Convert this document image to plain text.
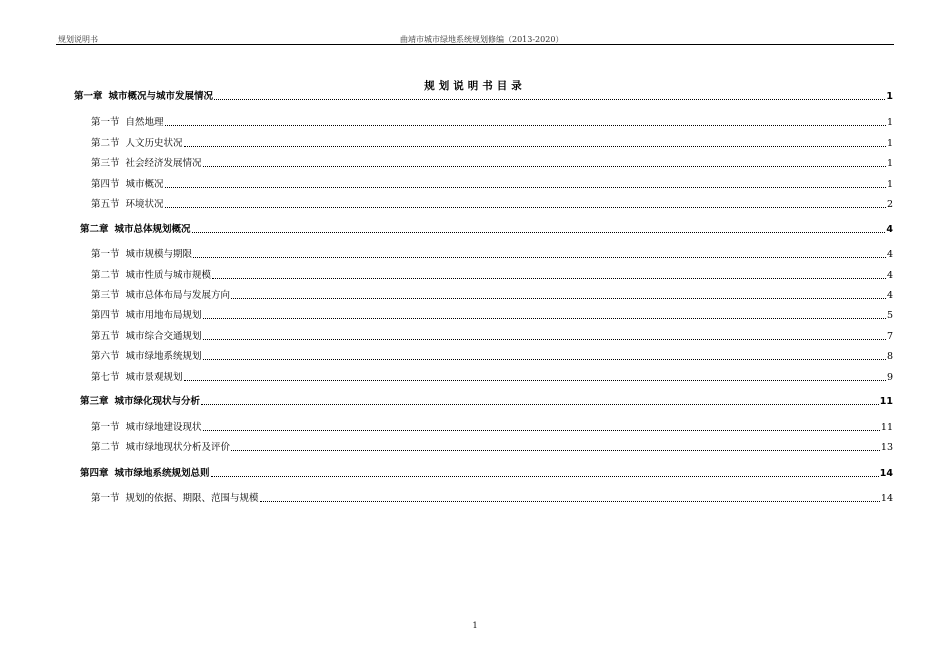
规划说明书	曲靖市城市绿地系统规划修编（2013-2020）
规划说明书目录
第一章 城市概况与城市发展情况	1
第一节 自然地理	1
第二节 人文历史状况	1
第三节 社会经济发展情况	1
第四节 城市概况	1
第五节 环境状况	2
第二章 城市总体规划概况	4
第一节 城市规模与期限	4
第二节 城市性质与城市规模	4
第三节 城市总体布局与发展方向	4
第四节 城市用地布局规划	5
第五节 城市综合交通规划	7
第六节 城市绿地系统规划	8
第七节 城市景观规划	9
第三章 城市绿化现状与分析	11
第一节 城市绿地建设现状	11
第二节 城市绿地现状分析及评价	13
第四章 城市绿地系统规划总则	14
第一节 规划的依据、期限、范围与规模	14
1
